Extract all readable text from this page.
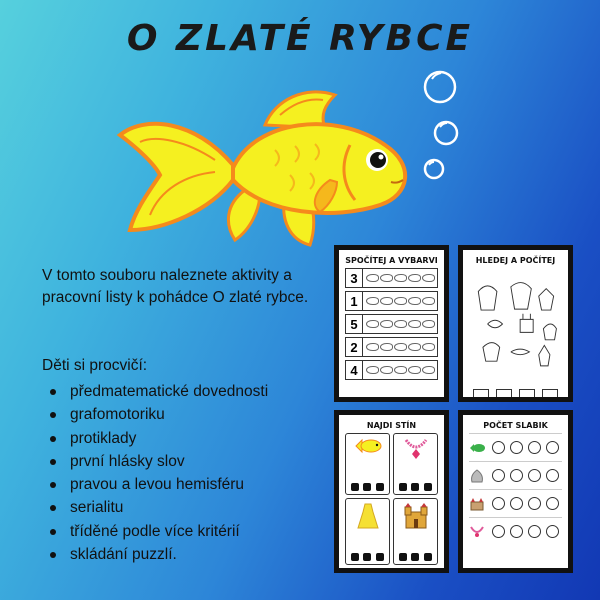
O ZLATÉ RYBCE

V tomto souboru naleznete aktivity a pracovní listy k pohádce O zlaté rybce.

Děti si procvičí:
předmatematické dovednosti
grafomotoriku
protiklady
první hlásky slov
pravou a levou hemisféru
serialitu
tříděné podle více kritérií
skládání puzzlí.
SPOČÍTEJ A VYBARVI
3
1
5
2
4
HLEDEJ A POČÍTEJ
NAJDI STÍN	POČET SLABIK
